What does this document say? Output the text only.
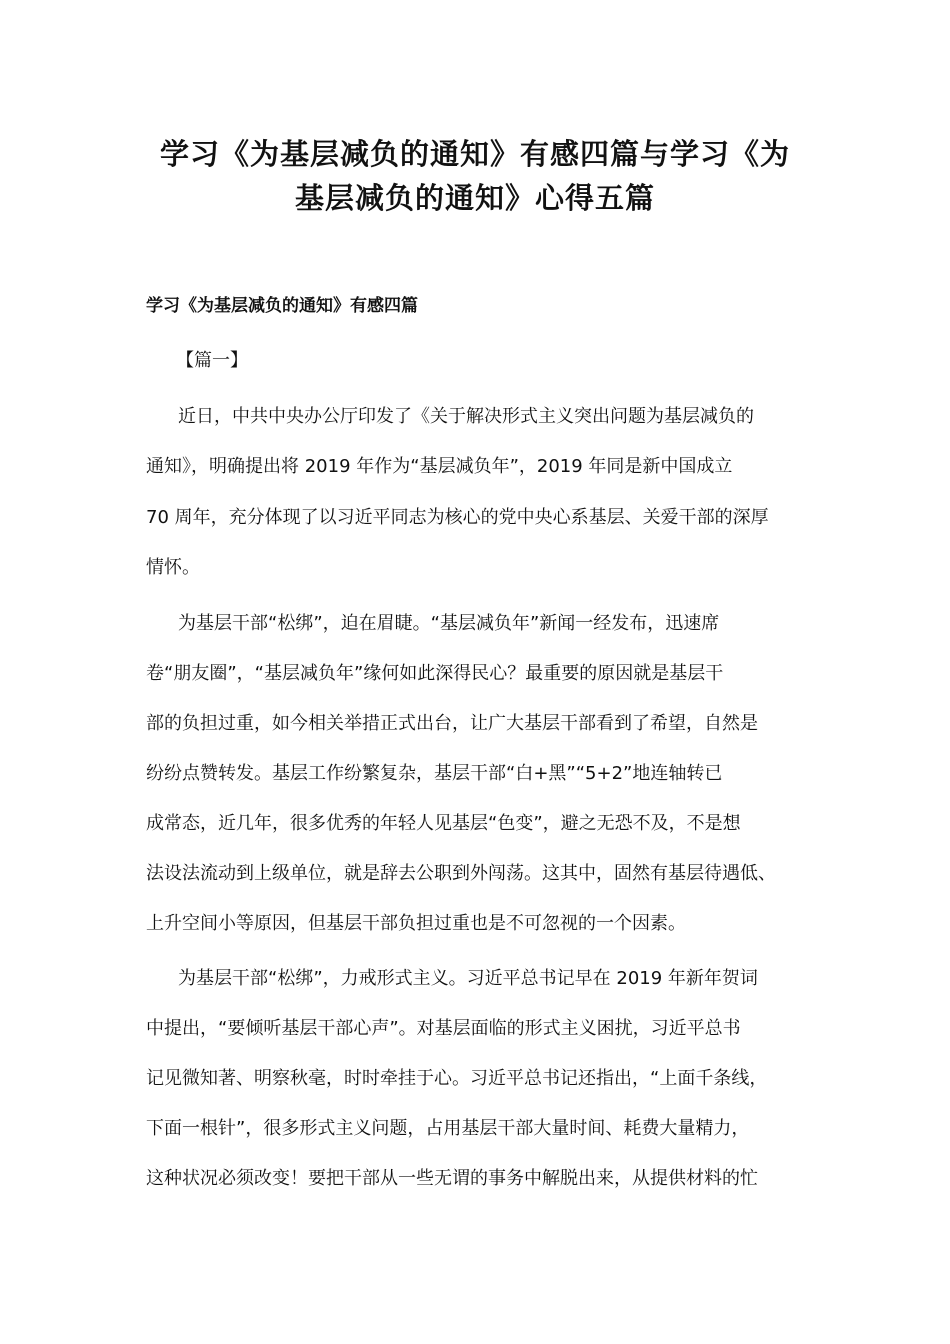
学习《为基层减负的通知》有感四篇与学习《为
基层减负的通知》心得五篇

学习《为基层减负的通知》有感四篇

【篇一】

近日，中共中央办公厅印发了《关于解决形式主义突出问题为基层减负的

通知》，明确提出将 2019 年作为“基层减负年”，2019 年同是新中国成立

70 周年，充分体现了以习近平同志为核心的党中央心系基层、关爱干部的深厚

情怀。

为基层干部“松绑”，迫在眉睫。“基层减负年”新闻一经发布，迅速席

卷“朋友圈”，“基层减负年”缘何如此深得民心？最重要的原因就是基层干

部的负担过重，如今相关举措正式出台，让广大基层干部看到了希望，自然是

纷纷点赞转发。基层工作纷繁复杂，基层干部“白+黑”“5+2”地连轴转已

成常态，近几年，很多优秀的年轻人见基层“色变”，避之无恐不及，不是想

法设法流动到上级单位，就是辞去公职到外闯荡。这其中，固然有基层待遇低、

上升空间小等原因，但基层干部负担过重也是不可忽视的一个因素。

为基层干部“松绑”，力戒形式主义。习近平总书记早在 2019 年新年贺词

中提出，“要倾听基层干部心声”。对基层面临的形式主义困扰，习近平总书

记见微知著、明察秋毫，时时牵挂于心。习近平总书记还指出，“上面千条线，

下面一根针”，很多形式主义问题，占用基层干部大量时间、耗费大量精力，

这种状况必须改变！要把干部从一些无谓的事务中解脱出来，从提供材料的忙
